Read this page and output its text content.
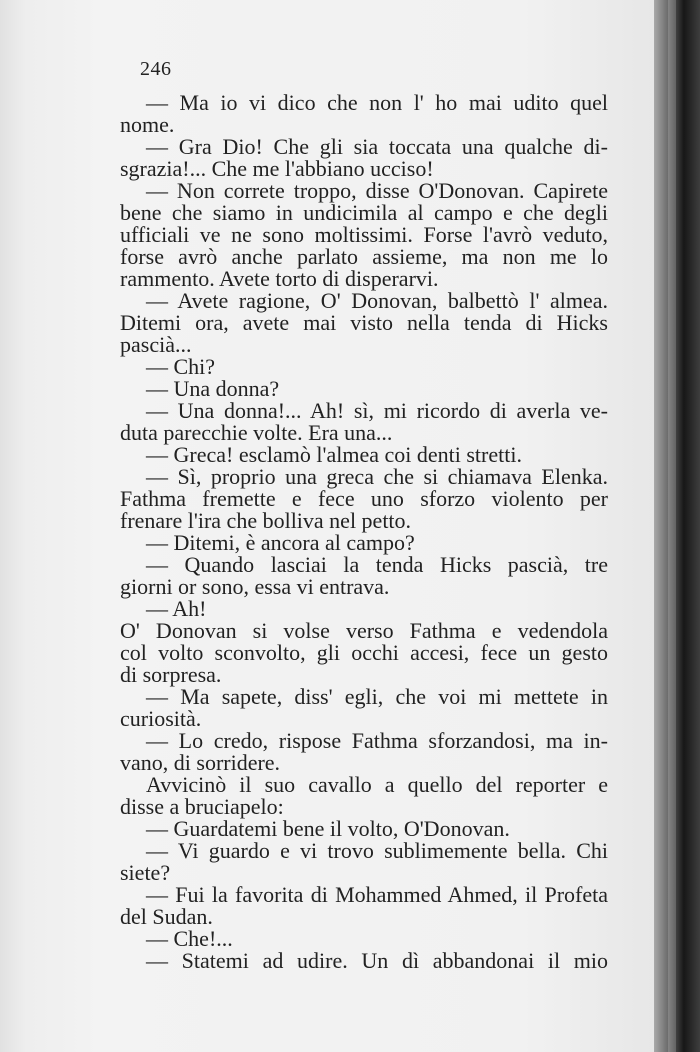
246
— Ma io vi dico che non l' ho mai udito quel
nome.
— Gra Dio! Che gli sia toccata una qualche di-
sgrazia!... Che me l'abbiano ucciso!
— Non correte troppo, disse O'Donovan. Capirete
bene che siamo in undicimila al campo e che degli
ufficiali ve ne sono moltissimi. Forse l'avrò veduto,
forse avrò anche parlato assieme, ma non me lo
rammento. Avete torto di disperarvi.
— Avete ragione, O' Donovan, balbettò l' almea.
Ditemi ora, avete mai visto nella tenda di Hicks
pascià...
— Chi?
— Una donna?
— Una donna!... Ah! sì, mi ricordo di averla ve-
duta parecchie volte. Era una...
— Greca! esclamò l'almea coi denti stretti.
— Sì, proprio una greca che si chiamava Elenka.
Fathma fremette e fece uno sforzo violento per
frenare l'ira che bolliva nel petto.
— Ditemi, è ancora al campo?
— Quando lasciai la tenda Hicks pascià, tre
giorni or sono, essa vi entrava.
— Ah!
O' Donovan si volse verso Fathma e vedendola
col volto sconvolto, gli occhi accesi, fece un gesto
di sorpresa.
— Ma sapete, diss' egli, che voi mi mettete in
curiosità.
— Lo credo, rispose Fathma sforzandosi, ma in-
vano, di sorridere.
Avvicinò il suo cavallo a quello del reporter e
disse a bruciapelo:
— Guardatemi bene il volto, O'Donovan.
— Vi guardo e vi trovo sublimemente bella. Chi
siete?
— Fui la favorita di Mohammed Ahmed, il Profeta
del Sudan.
— Che!...
— Statemi ad udire. Un dì abbandonai il mio
